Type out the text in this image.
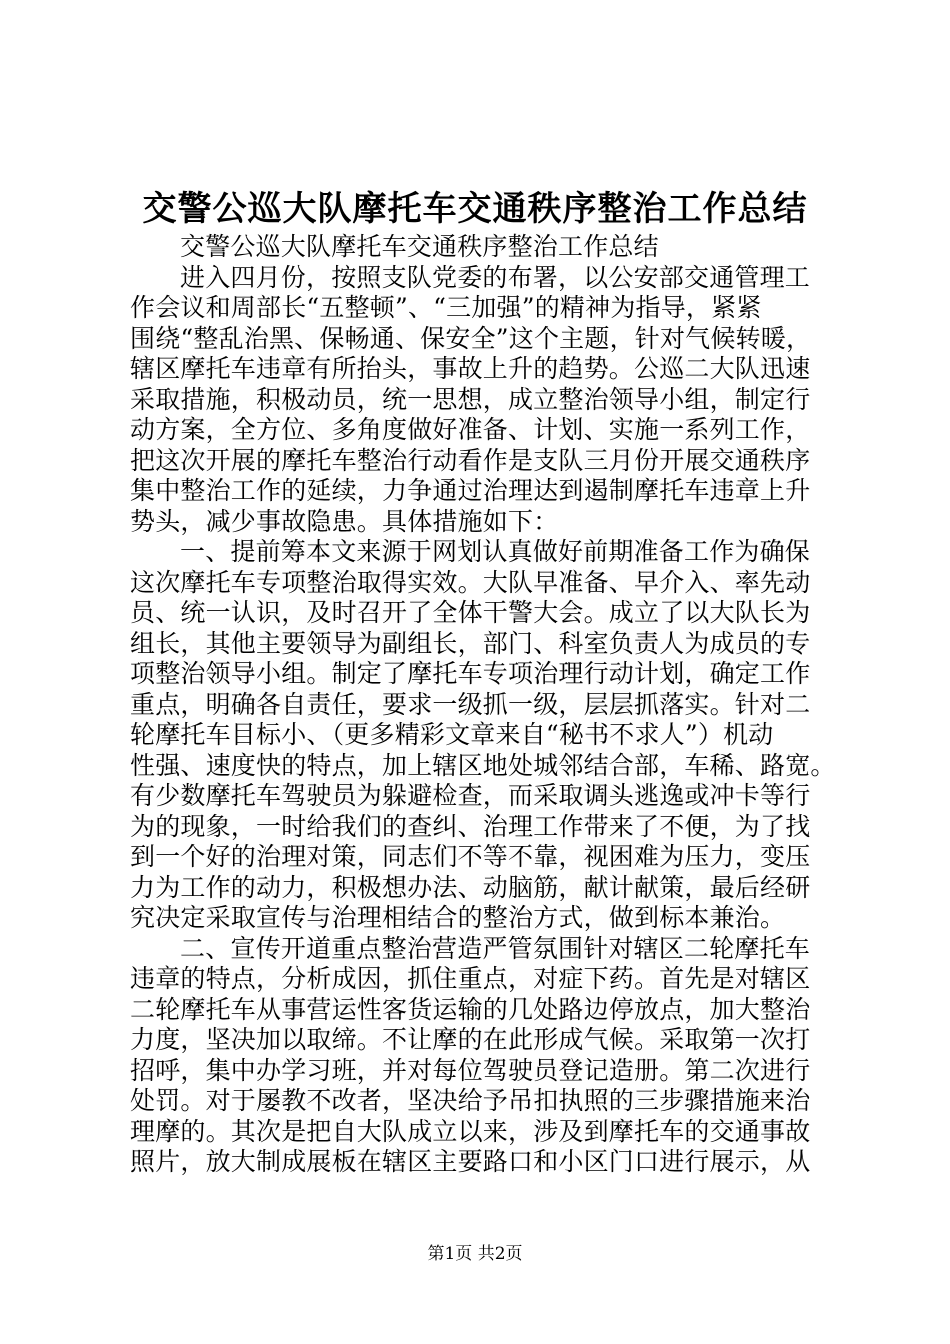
交警公巡大队摩托车交通秩序整治工作总结
交警公巡大队摩托车交通秩序整治工作总结
进入四月份，按照支队党委的布署，以公安部交通管理工
作会议和周部长“五整顿”、“三加强”的精神为指导，紧紧
围绕“整乱治黑、保畅通、保安全”这个主题，针对气候转暖，
辖区摩托车违章有所抬头，事故上升的趋势。公巡二大队迅速
采取措施，积极动员，统一思想，成立整治领导小组，制定行
动方案，全方位、多角度做好准备、计划、实施一系列工作，
把这次开展的摩托车整治行动看作是支队三月份开展交通秩序
集中整治工作的延续，力争通过治理达到遏制摩托车违章上升
势头，减少事故隐患。具体措施如下：
一、提前筹本文来源于网划认真做好前期准备工作为确保
这次摩托车专项整治取得实效。大队早准备、早介入、率先动
员、统一认识，及时召开了全体干警大会。成立了以大队长为
组长，其他主要领导为副组长，部门、科室负责人为成员的专
项整治领导小组。制定了摩托车专项治理行动计划，确定工作
重点，明确各自责任，要求一级抓一级，层层抓落实。针对二
轮摩托车目标小、（更多精彩文章来自“秘书不求人”）机动
性强、速度快的特点，加上辖区地处城邻结合部，车稀、路宽。
有少数摩托车驾驶员为躲避检查，而采取调头逃逸或冲卡等行
为的现象，一时给我们的查纠、治理工作带来了不便，为了找
到一个好的治理对策，同志们不等不靠，视困难为压力，变压
力为工作的动力，积极想办法、动脑筋，献计献策，最后经研
究决定采取宣传与治理相结合的整治方式，做到标本兼治。
二、宣传开道重点整治营造严管氛围针对辖区二轮摩托车
违章的特点，分析成因，抓住重点，对症下药。首先是对辖区
二轮摩托车从事营运性客货运输的几处路边停放点，加大整治
力度，坚决加以取缔。不让摩的在此形成气候。采取第一次打
招呼，集中办学习班，并对每位驾驶员登记造册。第二次进行
处罚。对于屡教不改者，坚决给予吊扣执照的三步骤措施来治
理摩的。其次是把自大队成立以来，涉及到摩托车的交通事故
照片，放大制成展板在辖区主要路口和小区门口进行展示，从
第1页 共2页
